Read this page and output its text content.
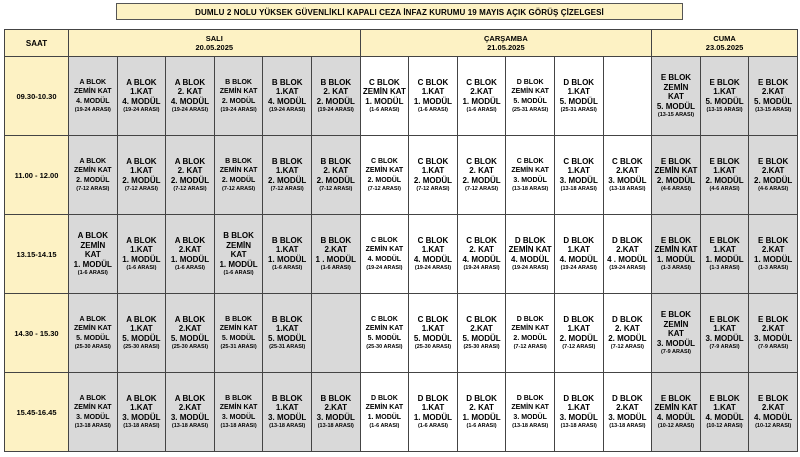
DUMLU 2 NOLU YÜKSEK GÜVENLİKLİ KAPALI CEZA İNFAZ KURUMU 19 MAYIS AÇIK GÖRÜŞ ÇİZELGESİ
SAAT	SALI
20.05.2025						ÇARŞAMBA
21.05.2025						CUMA
23.05.2025		
09.30-10.30	A BLOK
ZEMİN KAT
4. MODÜL
(19-24 ARASI)	A BLOK
1.KAT
4. MODÜL
(19-24 ARASI)	A BLOK
2. KAT
4. MODÜL
(19-24 ARASI)	B BLOK
ZEMİN KAT
2. MODÜL
(19-24 ARASI)	B BLOK
1.KAT
4. MODÜL
(19-24 ARASI)	B BLOK
2. KAT
2. MODÜL
(19-24 ARASI)	C BLOK
ZEMİN KAT
1. MODÜL
(1-6 ARASI)	C BLOK
1.KAT
1. MODÜL
(1-6 ARASI)	C BLOK
2.KAT
1. MODÜL
(1-6 ARASI)	D BLOK
ZEMİN KAT
5. MODÜL
(25-31 ARASI)	D BLOK
1.KAT
5. MODÜL
(25-31 ARASI)		E BLOK
ZEMİN
KAT
5. MODÜL
(13-15 ARASI)	E BLOK
1.KAT
5. MODÜL
(13-15 ARASI)	E BLOK
2.KAT
5. MODÜL
(13-15 ARASI)

11.00 - 12.00	A BLOK
ZEMİN KAT
2. MODÜL
(7-12 ARASI)	A BLOK
1.KAT
2. MODÜL
(7-12 ARASI)	A BLOK
2. KAT
2. MODÜL
(7-12 ARASI)	B BLOK
ZEMİN KAT
2. MODÜL
(7-12 ARASI)	B BLOK
1.KAT
2. MODÜL
(7-12 ARASI)	B BLOK
2. KAT
2. MODÜL
(7-12 ARASI)	C BLOK
ZEMİN KAT
2. MODÜL
(7-12 ARASI)	C BLOK
1.KAT
2. MODÜL
(7-12 ARASI)	C BLOK
2. KAT
2. MODÜL
(7-12 ARASI)	C BLOK
ZEMİN KAT
3. MODÜL
(13-18 ARASI)	C BLOK
1.KAT
3. MODÜL
(13-18 ARASI)	C BLOK
2.KAT
3. MODÜL
(13-18 ARASI)	E BLOK
ZEMİN KAT
2. MODÜL
(4-6 ARASI)	E BLOK
1.KAT
2. MODÜL
(4-6 ARASI)	E BLOK
2.KAT
2. MODÜL
(4-6 ARASI)

13.15-14.15	A BLOK
ZEMİN
KAT
1. MODÜL
(1-6 ARASI)	A BLOK
1.KAT
1. MODÜL
(1-6 ARASI)	A BLOK
2.KAT
1. MODÜL
(1-6 ARASI)	B BLOK
ZEMİN
KAT
1. MODÜL
(1-6 ARASI)	B BLOK
1.KAT
1. MODÜL
(1-6 ARASI)	B BLOK
2.KAT
1 . MODÜL
(1-6 ARASI)	C BLOK
ZEMİN KAT
4. MODÜL
(19-24 ARASI)	C BLOK
1.KAT
4. MODÜL
(19-24 ARASI)	C BLOK
2. KAT
4. MODÜL
(19-24 ARASI)	D BLOK
ZEMİN KAT
4. MODÜL
(19-24 ARASI)	D BLOK
1.KAT
4. MODÜL
(19-24 ARASI)	D BLOK
2.KAT
4 . MODÜL
(19-24 ARASI)	E BLOK
ZEMİN KAT
1. MODÜL
(1-3 ARASI)	E BLOK
1.KAT
1. MODÜL
(1-3 ARASI)	E BLOK
2.KAT
1. MODÜL
(1-3 ARASI)

14.30 - 15.30	A BLOK
ZEMİN KAT
5. MODÜL
(25-30 ARASI)	A BLOK
1.KAT
5. MODÜL
(25-30 ARASI)	A BLOK
2.KAT
5. MODÜL
(25-30 ARASI)	B BLOK
ZEMİN KAT
5. MODÜL
(25-31 ARASI)	B BLOK
1.KAT
5. MODÜL
(25-31 ARASI)		C BLOK
ZEMİN KAT
5. MODÜL
(25-30 ARASI)	C BLOK
1.KAT
5. MODÜL
(25-30 ARASI)	C BLOK
2.KAT
5. MODÜL
(25-30 ARASI)	D BLOK
ZEMİN KAT
2. MODÜL
(7-12 ARASI)	D BLOK
1.KAT
2. MODÜL
(7-12 ARASI)	D BLOK
2. KAT
2. MODÜL
(7-12 ARASI)	E BLOK
ZEMİN
KAT
3. MODÜL
(7-9 ARASI)	E BLOK
1.KAT
3. MODÜL
(7-9 ARASI)	E BLOK
2.KAT
3. MODÜL
(7-9 ARASI)

15.45-16.45	A BLOK
ZEMİN KAT
3. MODÜL
(13-18 ARASI)	A BLOK
1.KAT
3. MODÜL
(13-18 ARASI)	A BLOK
2.KAT
3. MODÜL
(13-18 ARASI)	B BLOK
ZEMİN KAT
3. MODÜL
(13-18 ARASI)	B BLOK
1.KAT
3. MODÜL
(13-18 ARASI)	B BLOK
2.KAT
3. MODÜL
(13-18 ARASI)	D BLOK
ZEMİN KAT
1. MODÜL
(1-6 ARASI)	D BLOK
1.KAT
1. MODÜL
(1-6 ARASI)	D BLOK
2. KAT
1. MODÜL
(1-6 ARASI)	D BLOK
ZEMİN KAT
3. MODÜL
(13-18 ARASI)	D BLOK
1.KAT
3. MODÜL
(13-18 ARASI)	D BLOK
2.KAT
3. MODÜL
(13-18 ARASI)	E BLOK
ZEMİN KAT
4. MODÜL
(10-12 ARASI)	E BLOK
1.KAT
4. MODÜL
(10-12 ARASI)	E BLOK
2.KAT
4. MODÜL
(10-12 ARASI)
